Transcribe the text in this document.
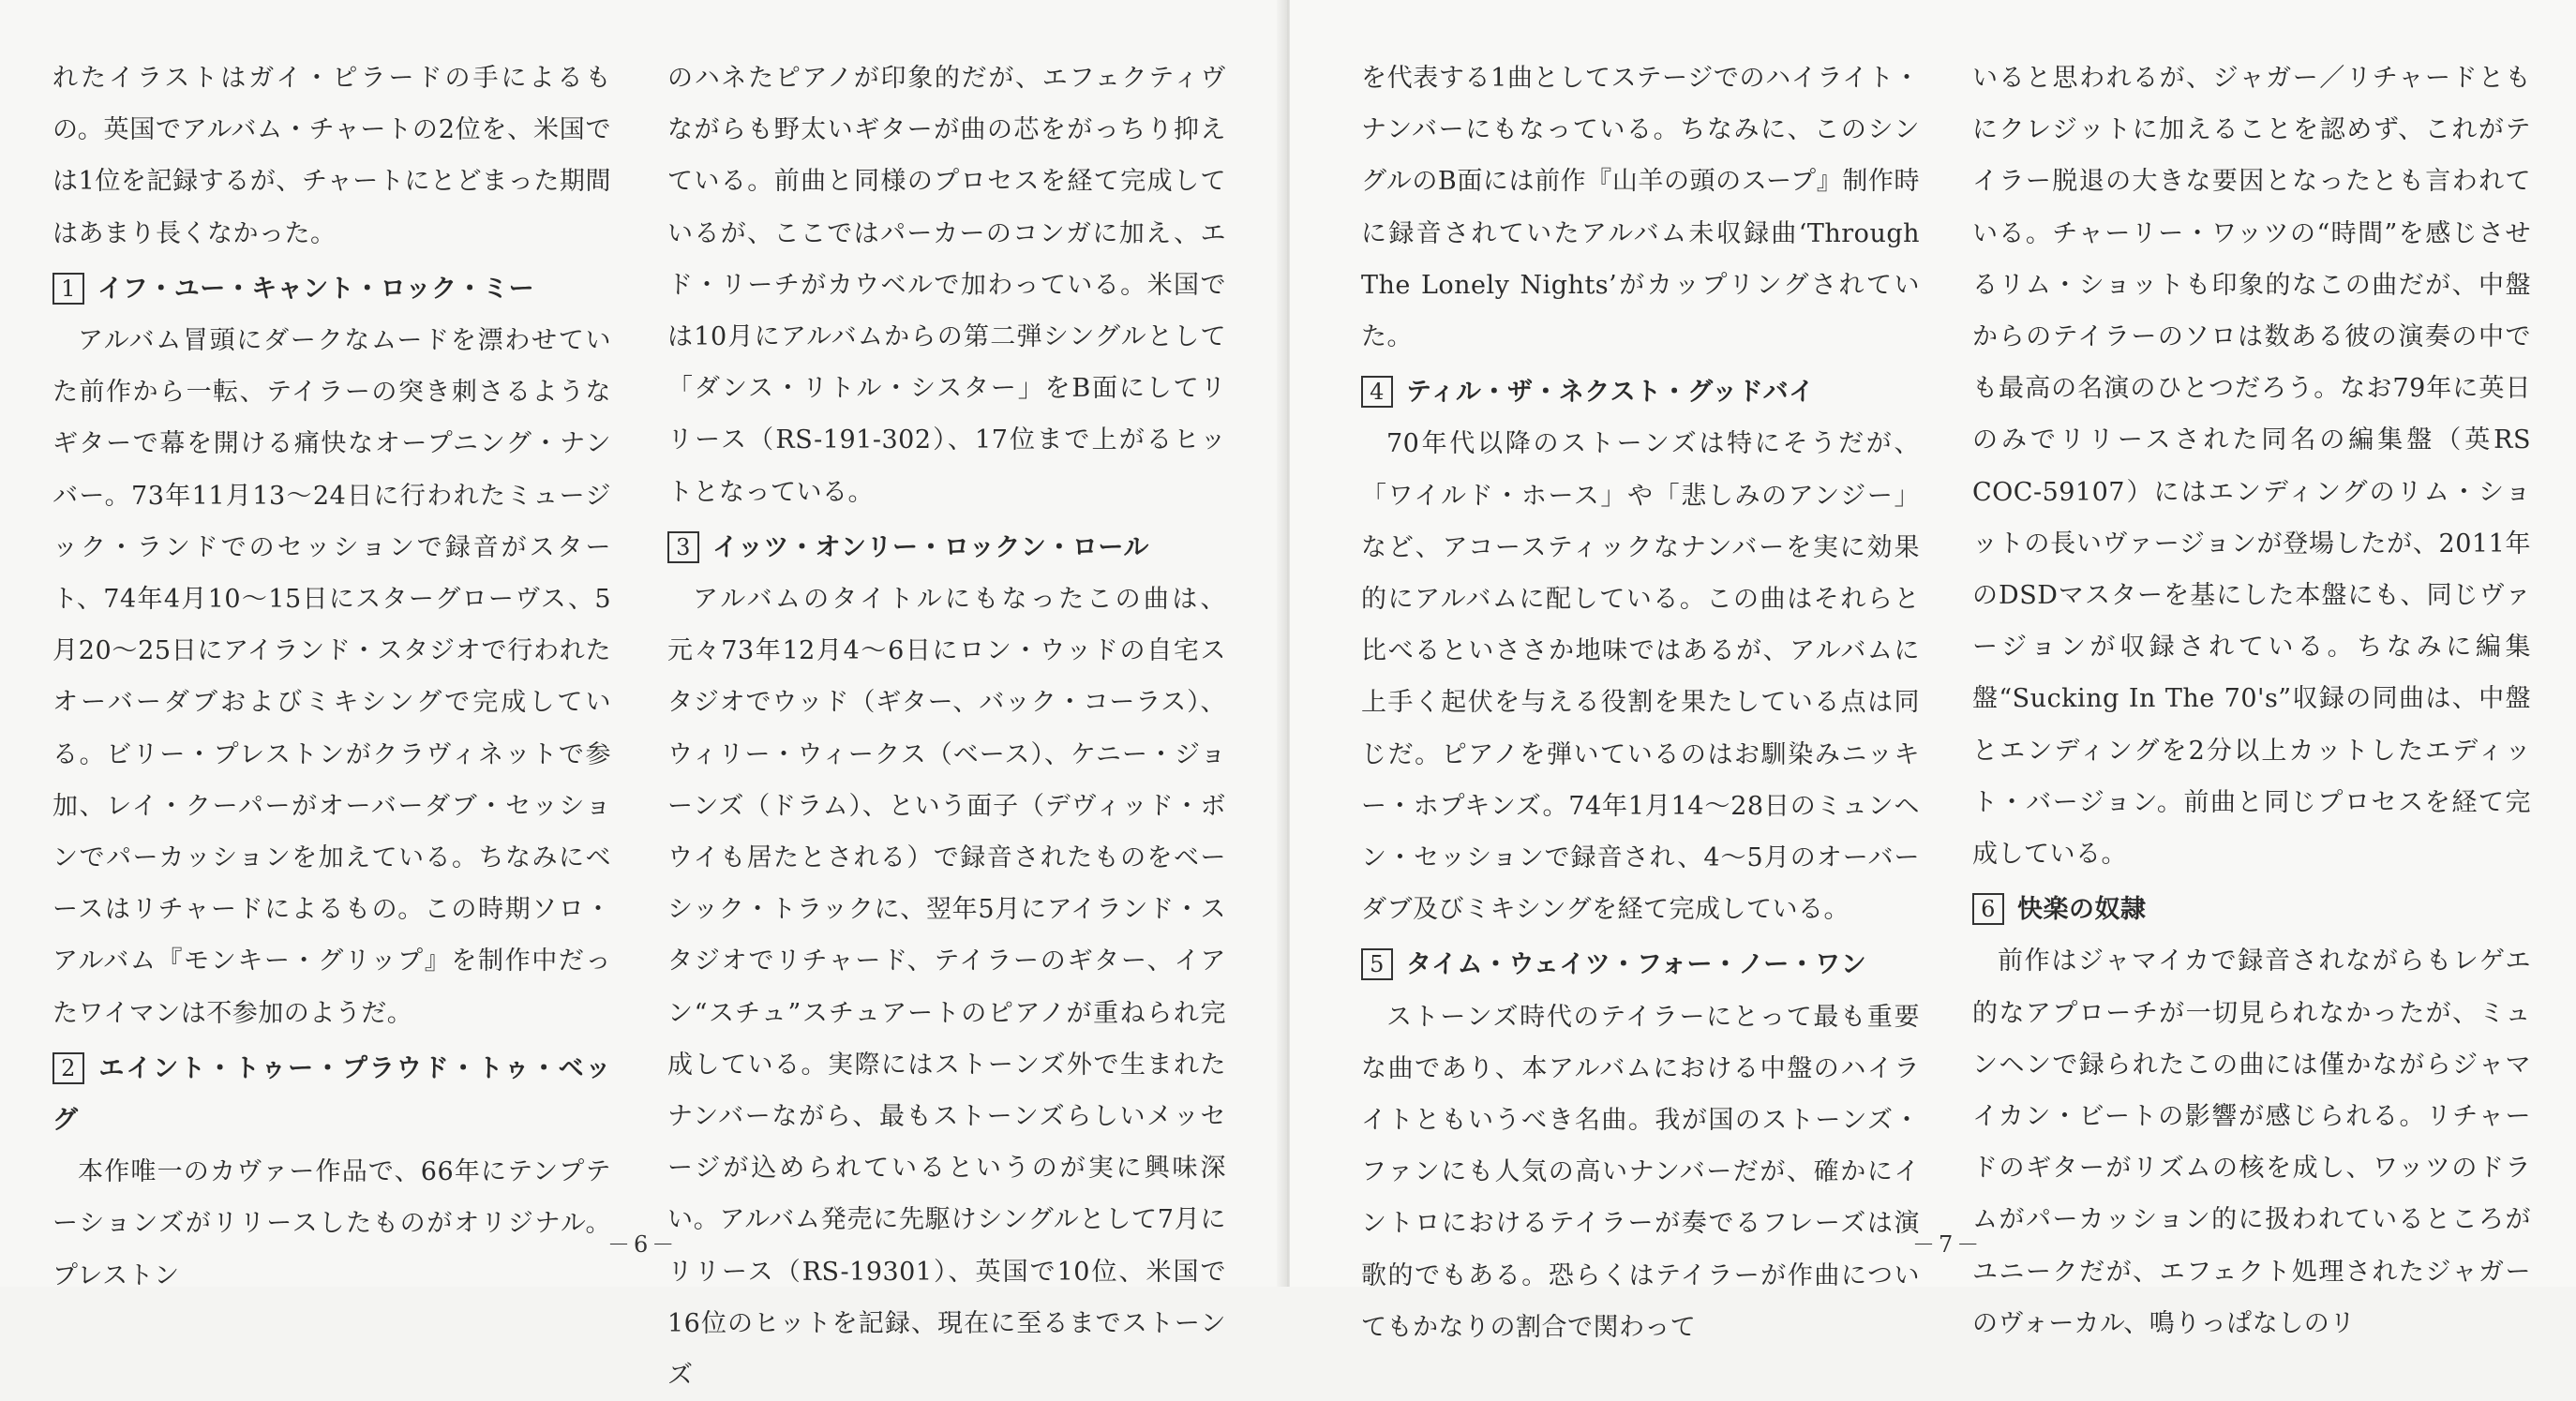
れたイラストはガイ・ピラードの手によるもの。英国でアルバム・チャートの2位を、米国では1位を記録するが、チャートにとどまった期間はあまり長くなかった。

1 イフ・ユー・キャント・ロック・ミー

アルバム冒頭にダークなムードを漂わせていた前作から一転、テイラーの突き刺さるようなギターで幕を開ける痛快なオープニング・ナンバー。73年11月13〜24日に行われたミュージック・ランドでのセッションで録音がスタート、74年4月10〜15日にスターグローヴス、5月20〜25日にアイランド・スタジオで行われたオーバーダブおよびミキシングで完成している。ビリー・プレストンがクラヴィネットで参加、レイ・クーパーがオーバーダブ・セッションでパーカッションを加えている。ちなみにベースはリチャードによるもの。この時期ソロ・アルバム『モンキー・グリップ』を制作中だったワイマンは不参加のようだ。

2 エイント・トゥー・プラウド・トゥ・ベッグ

本作唯一のカヴァー作品で、66年にテンプテーションズがリリースしたものがオリジナル。プレストン

のハネたピアノが印象的だが、エフェクティヴながらも野太いギターが曲の芯をがっちり抑えている。前曲と同様のプロセスを経て完成しているが、ここではパーカーのコンガに加え、エド・リーチがカウベルで加わっている。米国では10月にアルバムからの第二弾シングルとして「ダンス・リトル・シスター」をB面にしてリリース（RS-191-302）、17位まで上がるヒットとなっている。

3 イッツ・オンリー・ロックン・ロール

アルバムのタイトルにもなったこの曲は、元々73年12月4〜6日にロン・ウッドの自宅スタジオでウッド（ギター、バック・コーラス）、ウィリー・ウィークス（ベース）、ケニー・ジョーンズ（ドラム）、という面子（デヴィッド・ボウイも居たとされる）で録音されたものをベーシック・トラックに、翌年5月にアイランド・スタジオでリチャード、テイラーのギター、イアン“スチュ”スチュアートのピアノが重ねられ完成している。実際にはストーンズ外で生まれたナンバーながら、最もストーンズらしいメッセージが込められているというのが実に興味深い。アルバム発売に先駆けシングルとして7月にリリース（RS-19301）、英国で10位、米国で16位のヒットを記録、現在に至るまでストーンズ

－6－

を代表する1曲としてステージでのハイライト・ナンバーにもなっている。ちなみに、このシングルのB面には前作『山羊の頭のスープ』制作時に録音されていたアルバム未収録曲‘Through The Lonely Nights’がカップリングされていた。

4 ティル・ザ・ネクスト・グッドバイ

70年代以降のストーンズは特にそうだが、「ワイルド・ホース」や「悲しみのアンジー」など、アコースティックなナンバーを実に効果的にアルバムに配している。この曲はそれらと比べるといささか地味ではあるが、アルバムに上手く起伏を与える役割を果たしている点は同じだ。ピアノを弾いているのはお馴染みニッキー・ホプキンズ。74年1月14〜28日のミュンヘン・セッションで録音され、4〜5月のオーバーダブ及びミキシングを経て完成している。

5 タイム・ウェイツ・フォー・ノー・ワン

ストーンズ時代のテイラーにとって最も重要な曲であり、本アルバムにおける中盤のハイライトともいうべき名曲。我が国のストーンズ・ファンにも人気の高いナンバーだが、確かにイントロにおけるテイラーが奏でるフレーズは演歌的でもある。恐らくはテイラーが作曲についてもかなりの割合で関わって

いると思われるが、ジャガー／リチャードともにクレジットに加えることを認めず、これがテイラー脱退の大きな要因となったとも言われている。チャーリー・ワッツの“時間”を感じさせるリム・ショットも印象的なこの曲だが、中盤からのテイラーのソロは数ある彼の演奏の中でも最高の名演のひとつだろう。なお79年に英日のみでリリースされた同名の編集盤（英RS COC-59107）にはエンディングのリム・ショットの長いヴァージョンが登場したが、2011年のDSDマスターを基にした本盤にも、同じヴァージョンが収録されている。ちなみに編集盤“Sucking In The 70's”収録の同曲は、中盤とエンディングを2分以上カットしたエディット・バージョン。前曲と同じプロセスを経て完成している。

6 快楽の奴隷

前作はジャマイカで録音されながらもレゲエ的なアプローチが一切見られなかったが、ミュンヘンで録られたこの曲には僅かながらジャマイカン・ビートの影響が感じられる。リチャードのギターがリズムの核を成し、ワッツのドラムがパーカッション的に扱われているところがユニークだが、エフェクト処理されたジャガーのヴォーカル、鳴りっぱなしのリ

－7－
